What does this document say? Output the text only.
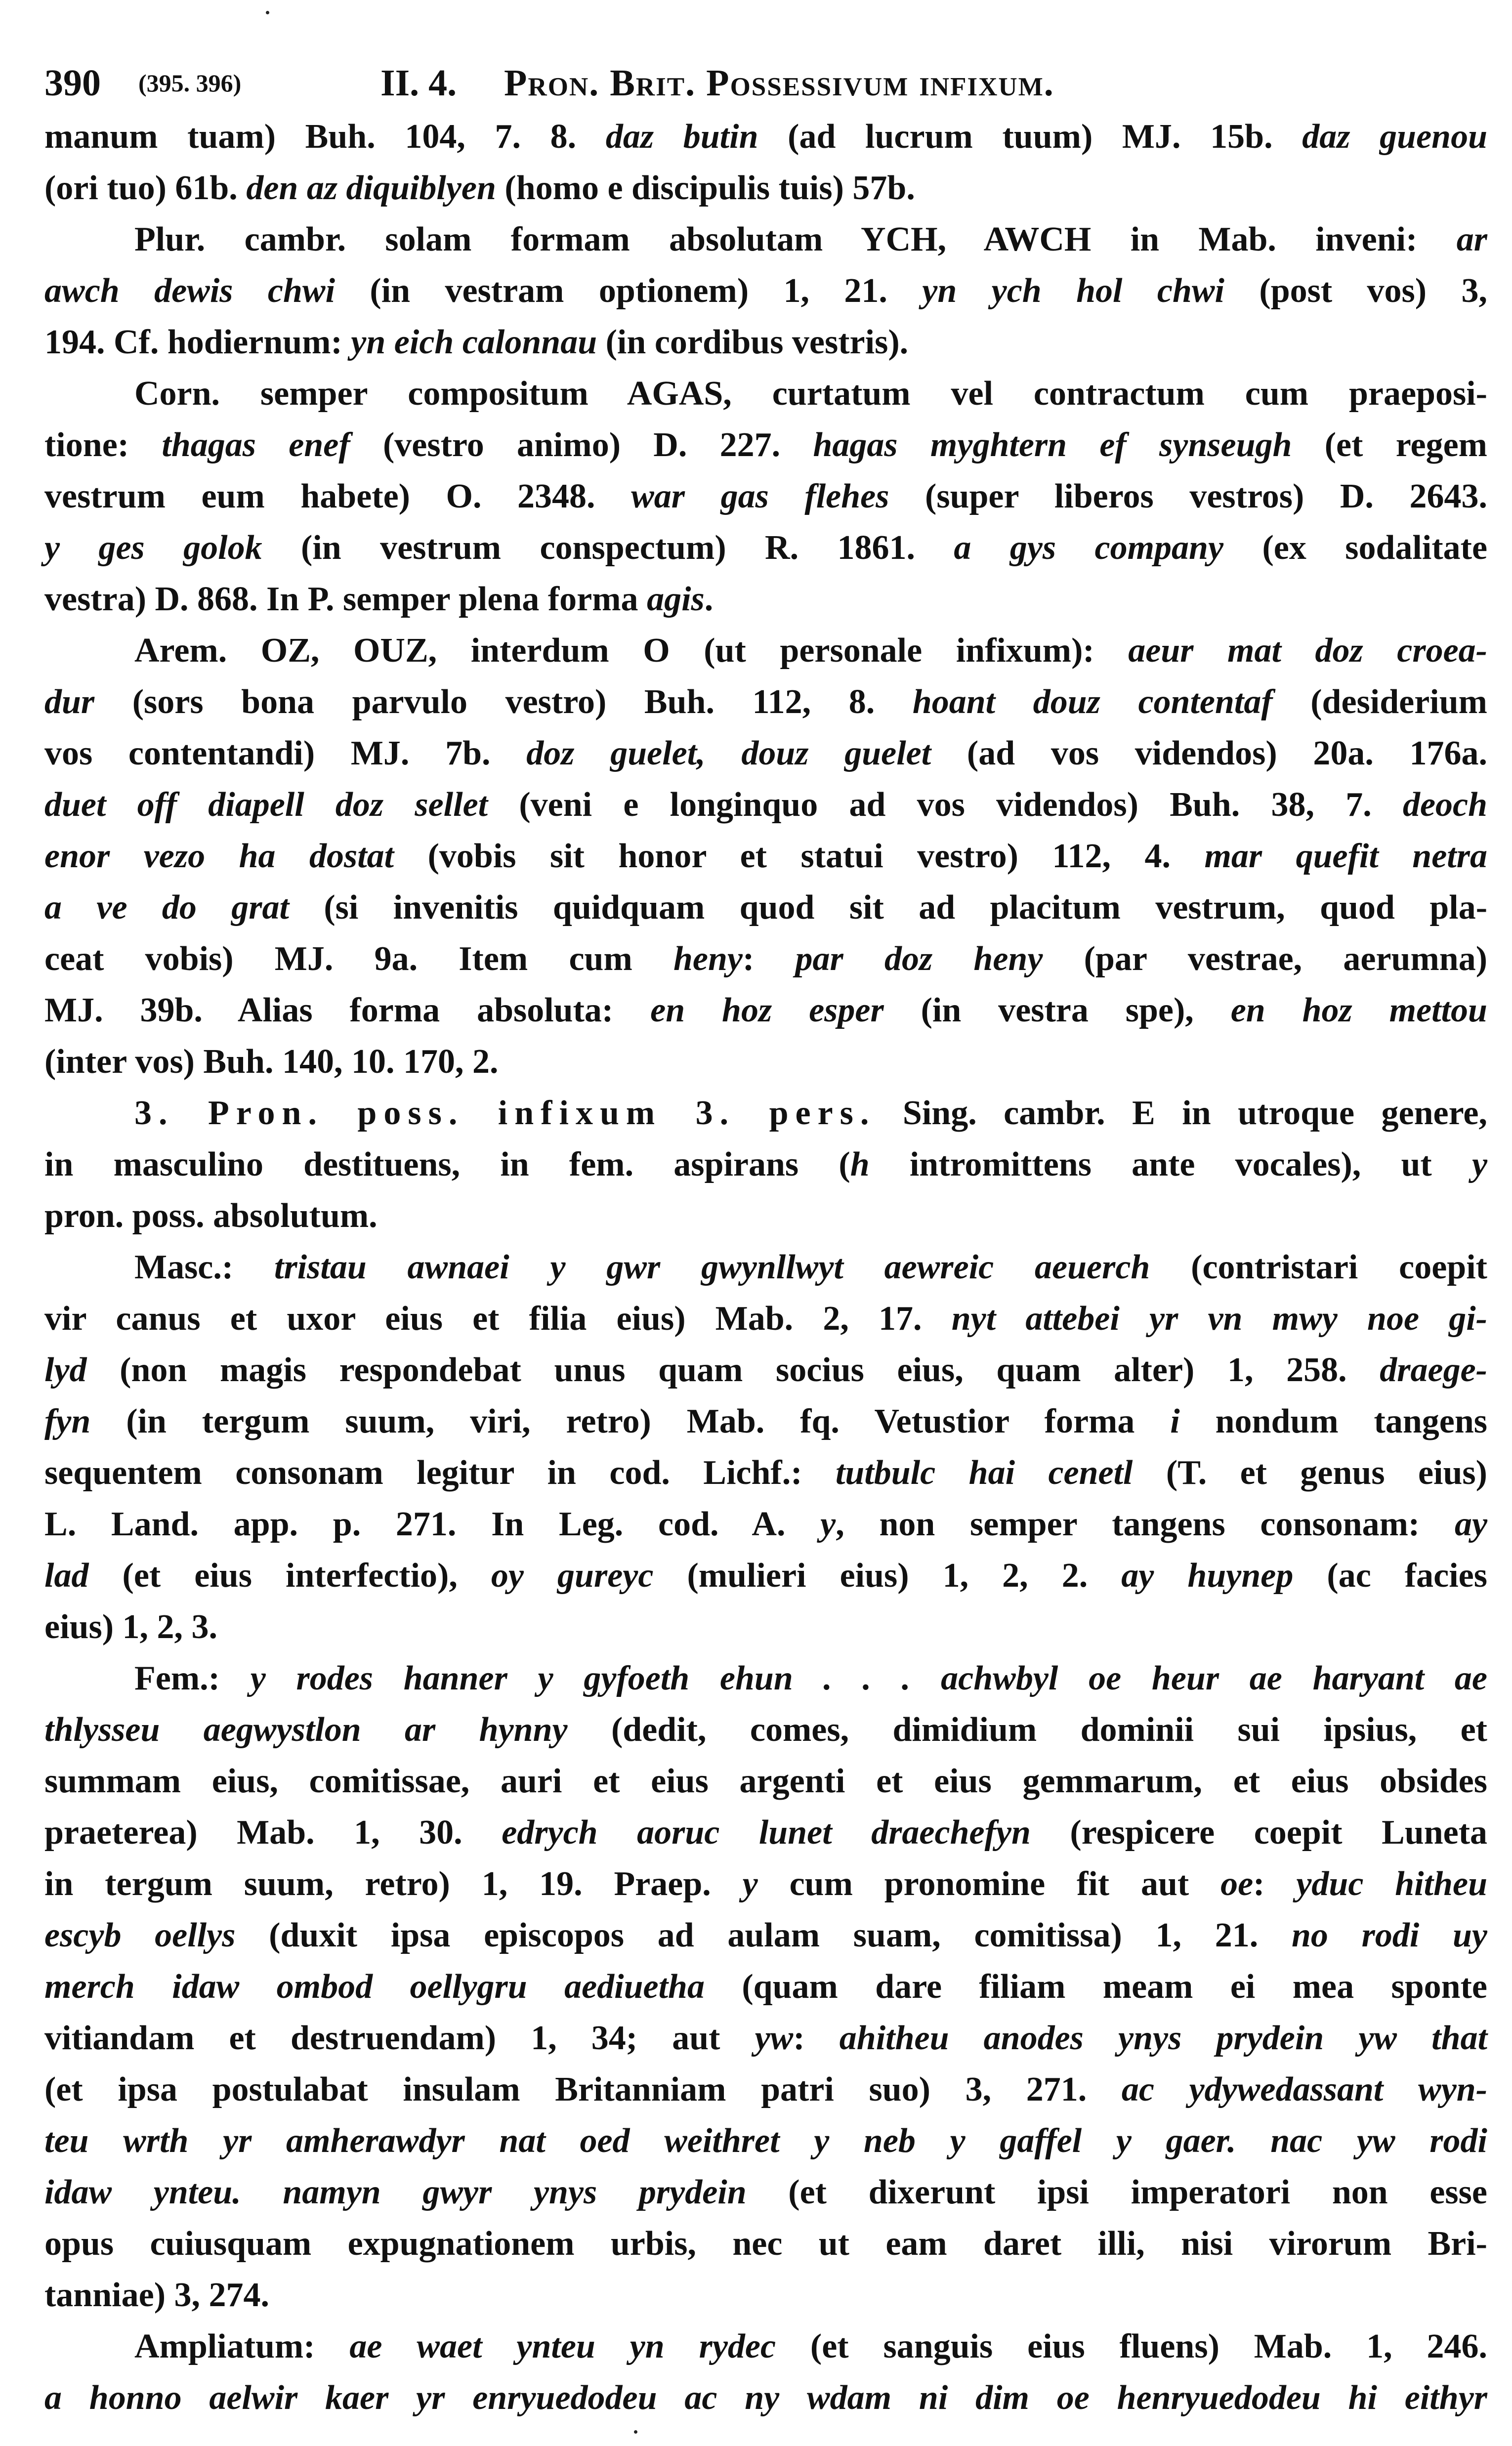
390 (395. 396)	II. 4. Pron. Brit. Possessivum infixum.
manum tuam) Buh. 104, 7. 8. daz butin (ad lucrum tuum) MJ. 15b. daz guenou
(ori tuo) 61b. den az diquiblyen (homo e discipulis tuis) 57b.
Plur. cambr. solam formam absolutam YCH, AWCH in Mab. inveni: ar
awch dewis chwi (in vestram optionem) 1, 21. yn ych hol chwi (post vos) 3,
194. Cf. hodiernum: yn eich calonnau (in cordibus vestris).
Corn. semper compositum AGAS, curtatum vel contractum cum praeposi-
tione: thagas enef (vestro animo) D. 227. hagas myghtern ef synseugh (et regem
vestrum eum habete) O. 2348. war gas flehes (super liberos vestros) D. 2643.
y ges golok (in vestrum conspectum) R. 1861. a gys company (ex sodalitate
vestra) D. 868. In P. semper plena forma agis.
Arem. OZ, OUZ, interdum O (ut personale infixum): aeur mat doz croea-
dur (sors bona parvulo vestro) Buh. 112, 8. hoant douz contentaf (desiderium
vos contentandi) MJ. 7b. doz guelet, douz guelet (ad vos videndos) 20a. 176a.
duet off diapell doz sellet (veni e longinquo ad vos videndos) Buh. 38, 7. deoch
enor vezo ha dostat (vobis sit honor et statui vestro) 112, 4. mar quefit netra
a ve do grat (si invenitis quidquam quod sit ad placitum vestrum, quod pla-
ceat vobis) MJ. 9a. Item cum heny: par doz heny (par vestrae, aerumna)
MJ. 39b. Alias forma absoluta: en hoz esper (in vestra spe), en hoz mettou
(inter vos) Buh. 140, 10. 170, 2.
3. Pron. poss. infixum 3. pers. Sing. cambr. E in utroque genere,
in masculino destituens, in fem. aspirans (h intromittens ante vocales), ut y
pron. poss. absolutum.
Masc.: tristau awnaei y gwr gwynllwyt aewreic aeuerch (contristari coepit
vir canus et uxor eius et filia eius) Mab. 2, 17. nyt attebei yr vn mwy noe gi-
lyd (non magis respondebat unus quam socius eius, quam alter) 1, 258. draege-
fyn (in tergum suum, viri, retro) Mab. fq. Vetustior forma i nondum tangens
sequentem consonam legitur in cod. Lichf.: tutbulc hai cenetl (T. et genus eius)
L. Land. app. p. 271. In Leg. cod. A. y, non semper tangens consonam: ay
lad (et eius interfectio), oy gureyc (mulieri eius) 1, 2, 2. ay huynep (ac facies
eius) 1, 2, 3.
Fem.: y rodes hanner y gyfoeth ehun . . . achwbyl oe heur ae haryant ae
thlysseu aegwystlon ar hynny (dedit, comes, dimidium dominii sui ipsius, et
summam eius, comitissae, auri et eius argenti et eius gemmarum, et eius obsides
praeterea) Mab. 1, 30. edrych aoruc lunet draechefyn (respicere coepit Luneta
in tergum suum, retro) 1, 19. Praep. y cum pronomine fit aut oe: yduc hitheu
escyb oellys (duxit ipsa episcopos ad aulam suam, comitissa) 1, 21. no rodi uy
merch idaw ombod oellygru aediuetha (quam dare filiam meam ei mea sponte
vitiandam et destruendam) 1, 34; aut yw: ahitheu anodes ynys prydein yw that
(et ipsa postulabat insulam Britanniam patri suo) 3, 271. ac ydywedassant wyn-
teu wrth yr amherawdyr nat oed weithret y neb y gaffel y gaer. nac yw rodi
idaw ynteu. namyn gwyr ynys prydein (et dixerunt ipsi imperatori non esse
opus cuiusquam expugnationem urbis, nec ut eam daret illi, nisi virorum Bri-
tanniae) 3, 274.
Ampliatum: ae waet ynteu yn rydec (et sanguis eius fluens) Mab. 1, 246.
a honno aelwir kaer yr enryuedodeu ac ny wdam ni dim oe henryuedodeu hi eithyr
